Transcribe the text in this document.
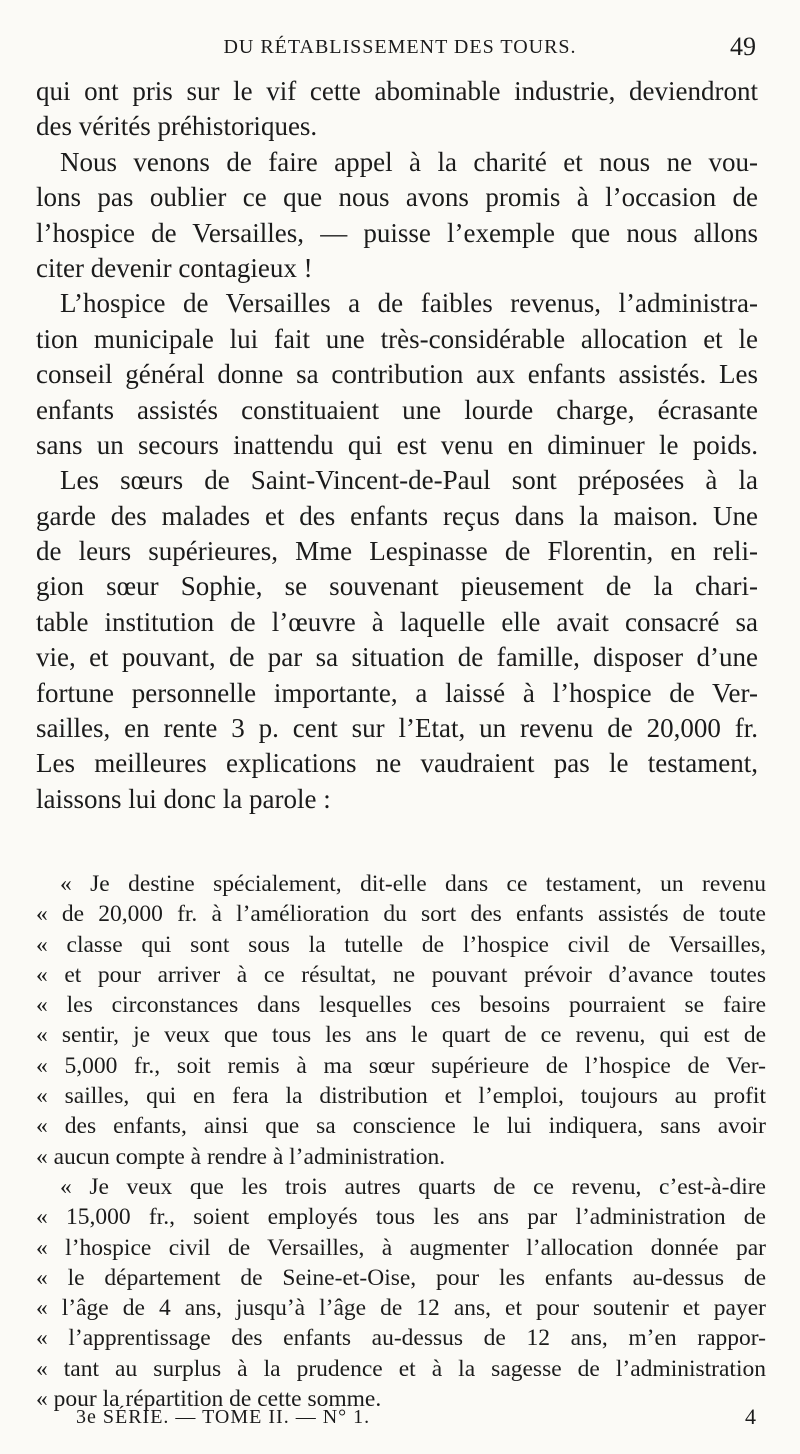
DU RÉTABLISSEMENT DES TOURS.	49
qui ont pris sur le vif cette abominable industrie, deviendront
des vérités préhistoriques.
Nous venons de faire appel à la charité et nous ne vou-
lons pas oublier ce que nous avons promis à l’occasion de
l’hospice de Versailles, — puisse l’exemple que nous allons
citer devenir contagieux !
L’hospice de Versailles a de faibles revenus, l’administra-
tion municipale lui fait une très-considérable allocation et le
conseil général donne sa contribution aux enfants assistés. Les
enfants assistés constituaient une lourde charge, écrasante
sans un secours inattendu qui est venu en diminuer le poids.
Les sœurs de Saint-Vincent-de-Paul sont préposées à la
garde des malades et des enfants reçus dans la maison. Une
de leurs supérieures, Mme Lespinasse de Florentin, en reli-
gion sœur Sophie, se souvenant pieusement de la chari-
table institution de l’œuvre à laquelle elle avait consacré sa
vie, et pouvant, de par sa situation de famille, disposer d’une
fortune personnelle importante, a laissé à l’hospice de Ver-
sailles, en rente 3 p. cent sur l’Etat, un revenu de 20,000 fr.
Les meilleures explications ne vaudraient pas le testament,
laissons lui donc la parole :
« Je destine spécialement, dit-elle dans ce testament, un revenu
« de 20,000 fr. à l’amélioration du sort des enfants assistés de toute
« classe qui sont sous la tutelle de l’hospice civil de Versailles,
« et pour arriver à ce résultat, ne pouvant prévoir d’avance toutes
« les circonstances dans lesquelles ces besoins pourraient se faire
« sentir, je veux que tous les ans le quart de ce revenu, qui est de
« 5,000 fr., soit remis à ma sœur supérieure de l’hospice de Ver-
« sailles, qui en fera la distribution et l’emploi, toujours au profit
« des enfants, ainsi que sa conscience le lui indiquera, sans avoir
« aucun compte à rendre à l’administration.
« Je veux que les trois autres quarts de ce revenu, c’est-à-dire
« 15,000 fr., soient employés tous les ans par l’administration de
« l’hospice civil de Versailles, à augmenter l’allocation donnée par
« le département de Seine-et-Oise, pour les enfants au-dessus de
« l’âge de 4 ans, jusqu’à l’âge de 12 ans, et pour soutenir et payer
« l’apprentissage des enfants au-dessus de 12 ans, m’en rappor-
« tant au surplus à la prudence et à la sagesse de l’administration
« pour la répartition de cette somme.
3e SÉRIE. — TOME II. — N° 1.	4
